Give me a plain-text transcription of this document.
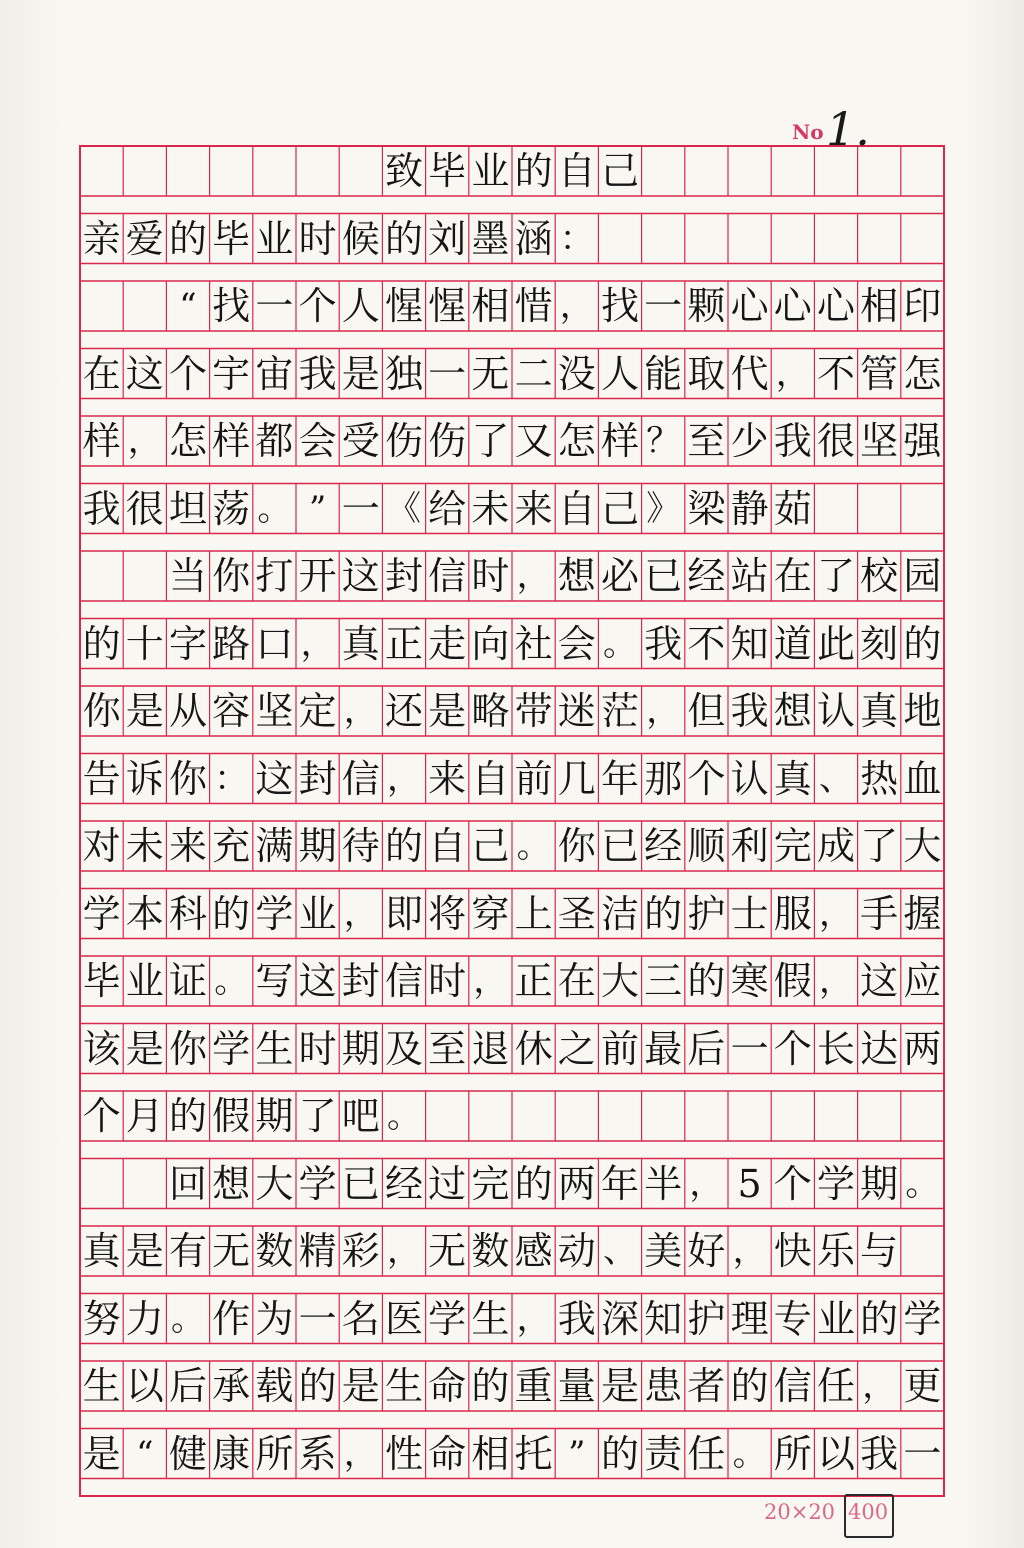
No 1.
致 毕 业 的 自 己
亲 爱 的 毕 业 时 候 的 刘 墨 涵 ：
“ 找 一 个 人 惺 惺 相 惜 ， 找 一 颗 心 心 心 相 印
在 这 个 宇 宙 我 是 独 一 无 二 没 人 能 取 代 ， 不 管 怎
样 ， 怎 样 都 会 受 伤 伤 了 又 怎 样 ？ 至 少 我 很 坚 强
我 很 坦 荡 。 ” 一 《 给 未 来 自 己 》 梁 静 茹
当 你 打 开 这 封 信 时 ， 想 必 已 经 站 在 了 校 园
的 十 字 路 口 ， 真 正 走 向 社 会 。 我 不 知 道 此 刻 的
你 是 从 容 坚 定 ， 还 是 略 带 迷 茫 ， 但 我 想 认 真 地
告 诉 你 ： 这 封 信 ， 来 自 前 几 年 那 个 认 真 、 热 血
对 未 来 充 满 期 待 的 自 己 。 你 已 经 顺 利 完 成 了 大
学 本 科 的 学 业 ， 即 将 穿 上 圣 洁 的 护 士 服 ， 手 握
毕 业 证 。 写 这 封 信 时 ， 正 在 大 三 的 寒 假 ， 这 应
该 是 你 学 生 时 期 及 至 退 休 之 前 最 后 一 个 长 达 两
个 月 的 假 期 了 吧 。
回 想 大 学 已 经 过 完 的 两 年 半 ， 5 个 学 期 。
真 是 有 无 数 精 彩 ， 无 数 感 动 、 美 好 ， 快 乐 与
努 力 。 作 为 一 名 医 学 生 ， 我 深 知 护 理 专 业 的 学
生 以 后 承 载 的 是 生 命 的 重 量 是 患 者 的 信 任 ， 更
是 “ 健 康 所 系 ， 性 命 相 托 ” 的 责 任 。 所 以 我 一
20×20 400
